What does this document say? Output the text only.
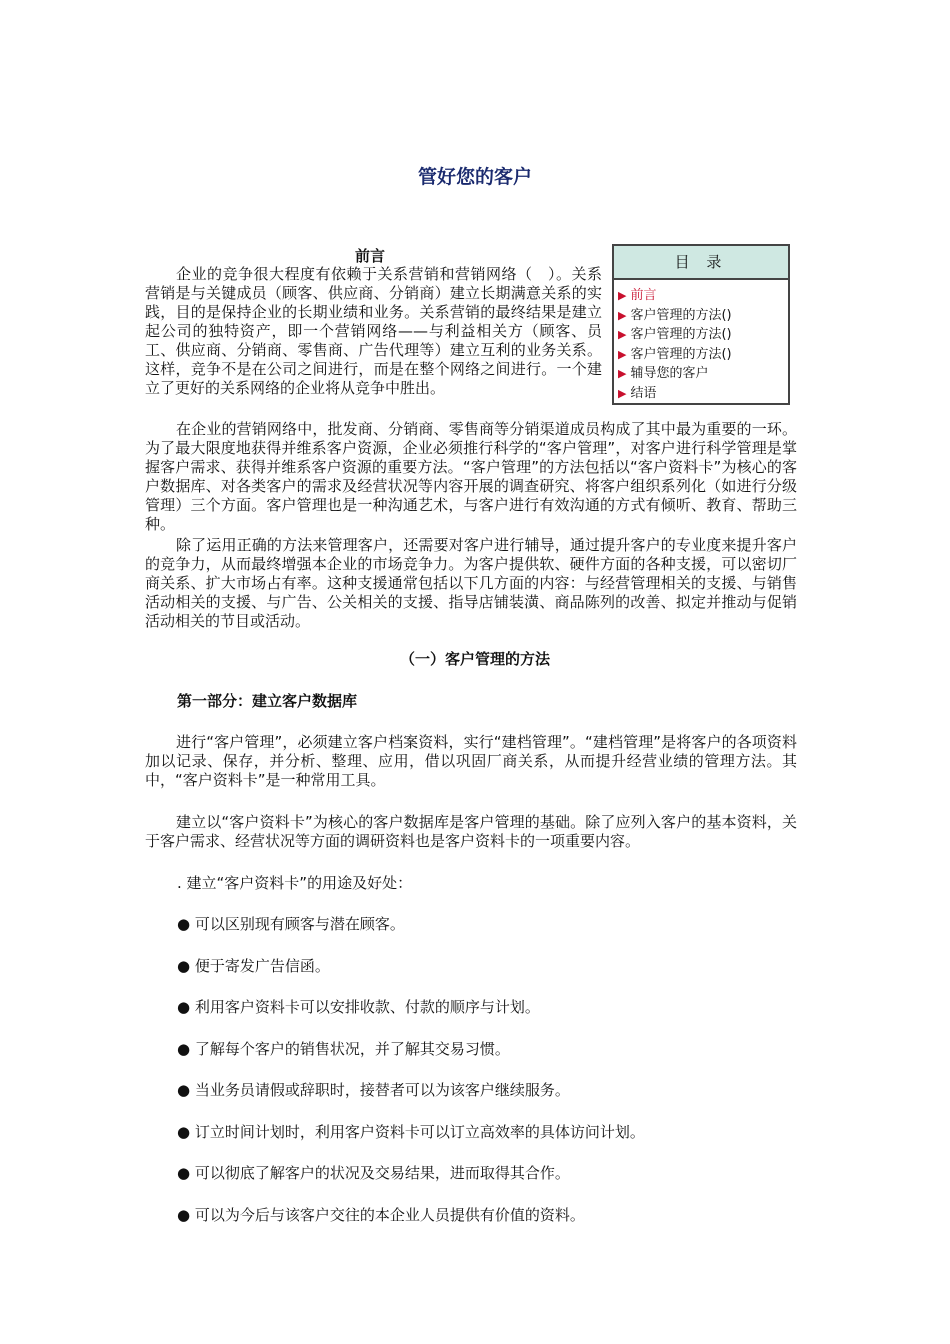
管好您的客户
目 录
▶ 前言
▶ 客户管理的方法()
▶ 客户管理的方法()
▶ 客户管理的方法()
▶ 辅导您的客户
▶ 结语
前言

企业的竞争很大程度有依赖于关系营销和营销网络（　）。关系营销是与关键成员（顾客、供应商、分销商）建立长期满意关系的实践，目的是保持企业的长期业绩和业务。关系营销的最终结果是建立起公司的独特资产，即一个营销网络——与利益相关方（顾客、员工、供应商、分销商、零售商、广告代理等）建立互利的业务关系。这样，竞争不是在公司之间进行，而是在整个网络之间进行。一个建立了更好的关系网络的企业将从竞争中胜出。

在企业的营销网络中，批发商、分销商、零售商等分销渠道成员构成了其中最为重要的一环。为了最大限度地获得并维系客户资源，企业必须推行科学的“客户管理”，对客户进行科学管理是掌握客户需求、获得并维系客户资源的重要方法。“客户管理”的方法包括以“客户资料卡”为核心的客户数据库、对各类客户的需求及经营状况等内容开展的调查研究、将客户组织系列化（如进行分级管理）三个方面。客户管理也是一种沟通艺术，与客户进行有效沟通的方式有倾听、教育、帮助三种。

除了运用正确的方法来管理客户，还需要对客户进行辅导，通过提升客户的专业度来提升客户的竞争力，从而最终增强本企业的市场竞争力。为客户提供软、硬件方面的各种支援，可以密切厂商关系、扩大市场占有率。这种支援通常包括以下几方面的内容：与经营管理相关的支援、与销售活动相关的支援、与广告、公关相关的支援、指导店铺装潢、商品陈列的改善、拟定并推动与促销活动相关的节目或活动。

（一）客户管理的方法
第一部分：建立客户数据库

进行“客户管理”，必须建立客户档案资料，实行“建档管理”。“建档管理”是将客户的各项资料加以记录、保存，并分析、整理、应用，借以巩固厂商关系，从而提升经营业绩的管理方法。其中，“客户资料卡”是一种常用工具。

建立以“客户资料卡”为核心的客户数据库是客户管理的基础。除了应列入客户的基本资料，关于客户需求、经营状况等方面的调研资料也是客户资料卡的一项重要内容。

. 建立“客户资料卡”的用途及好处：

● 可以区别现有顾客与潜在顾客。

● 便于寄发广告信函。

● 利用客户资料卡可以安排收款、付款的顺序与计划。

● 了解每个客户的销售状况，并了解其交易习惯。

● 当业务员请假或辞职时，接替者可以为该客户继续服务。

● 订立时间计划时，利用客户资料卡可以订立高效率的具体访问计划。

● 可以彻底了解客户的状况及交易结果，进而取得其合作。

● 可以为今后与该客户交往的本企业人员提供有价值的资料。
